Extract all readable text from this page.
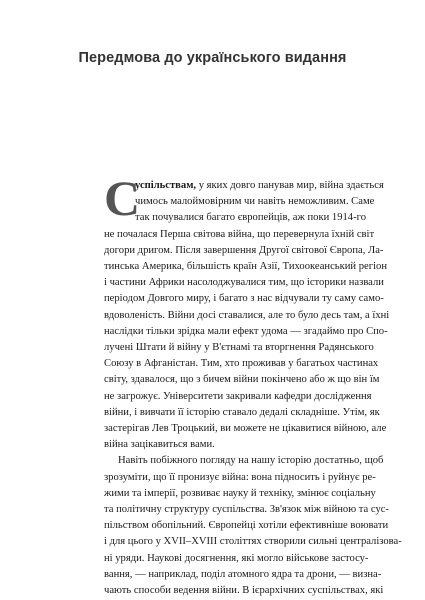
Передмова до українського видання
С

успільствам, у яких довго панував мир, війна здається
чимось малоймовірним чи навіть неможливим. Саме
так почувалися багато європейців, аж поки 1914-го
не почалася Перша світова війна, що перевернула їхній світ
догори дригом. Після завершення Другої світової Європа, Ла-
тинська Америка, більшість країн Азії, Тихоокеанський регіон
і частини Африки насолоджувалися тим, що історики назвали
періодом Довгого миру, і багато з нас відчували ту саму само-
вдоволеність. Війни досі ставалися, але то було десь там, а їхні
наслідки тільки зрідка мали ефект удома — згадаймо про Спо-
лучені Штати й війну у В'єтнамі та вторгнення Радянського
Союзу в Афганістан. Тим, хто проживав у багатьох частинах
світу, здавалося, що з бичем війни покінчено або ж що він їм
не загрожує. Університети закривали кафедри дослідження
війни, і вивчати її історію ставало дедалі складніше. Утім, як
застерігав Лев Троцький, ви можете не цікавитися війною, але
війна зацікавиться вами.

Навіть побіжного погляду на нашу історію достатньо, щоб
зрозуміти, що її пронизує війна: вона підносить і руйнує ре-
жими та імперії, розвиває науку й техніку, змінює соціальну
та політичну структуру суспільства. Зв'язок між війною та сус-
пільством обопільний. Європейці хотіли ефективніше воювати
і для цього у XVII–XVIII століттях створили сильні централізова-
ні уряди. Наукові досягнення, які могло військове застосу-
вання, — наприклад, поділ атомного ядра та дрони, — визна-
чають способи ведення війни. В ієрархічних суспільствах, які
